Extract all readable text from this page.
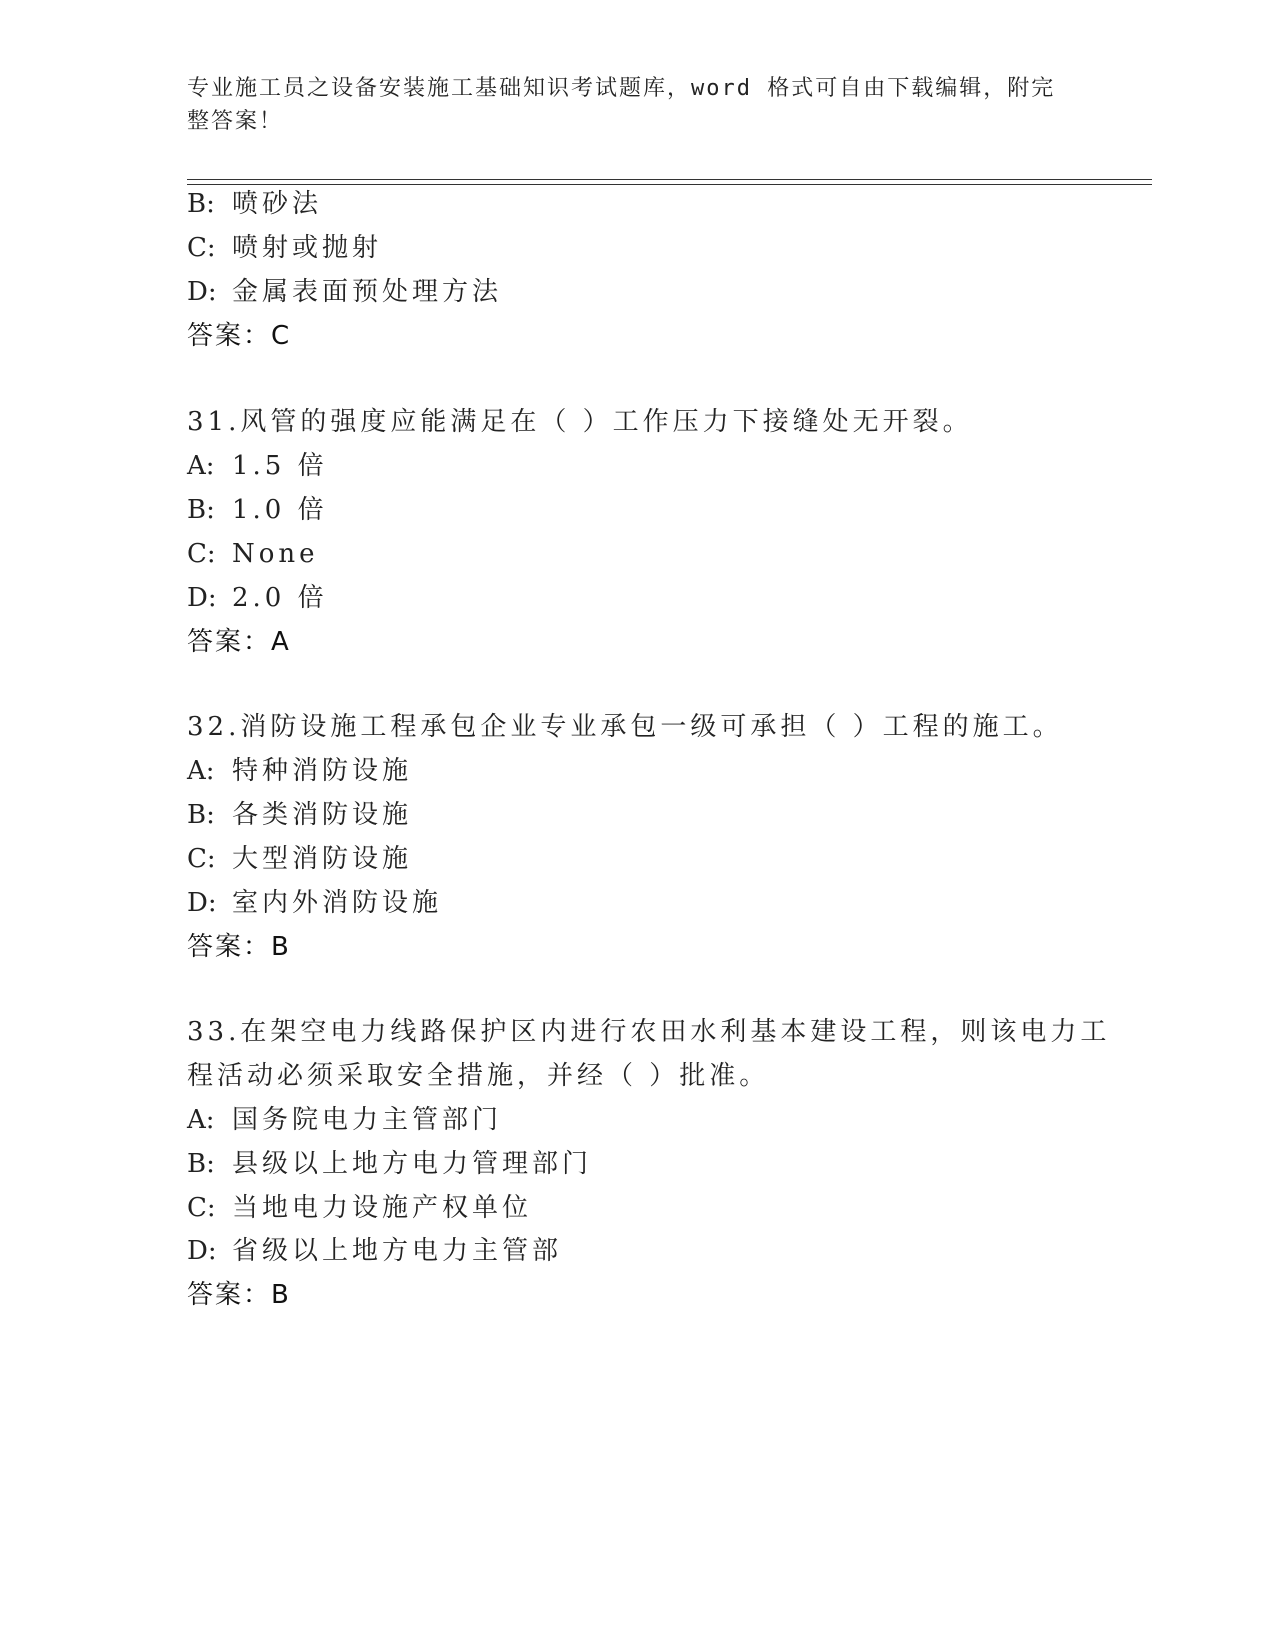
专业施工员之设备安装施工基础知识考试题库，word 格式可自由下载编辑，附完整答案！
B: 喷砂法
C: 喷射或抛射
D: 金属表面预处理方法
答案：C
31.风管的强度应能满足在（ ）工作压力下接缝处无开裂。
A: 1.5 倍
B: 1.0 倍
C: None
D: 2.0 倍
答案：A
32.消防设施工程承包企业专业承包一级可承担（ ）工程的施工。
A: 特种消防设施
B: 各类消防设施
C: 大型消防设施
D: 室内外消防设施
答案：B
33.在架空电力线路保护区内进行农田水利基本建设工程，则该电力工
程活动必须采取安全措施，并经（ ）批准。
A: 国务院电力主管部门
B: 县级以上地方电力管理部门
C: 当地电力设施产权单位
D: 省级以上地方电力主管部
答案：B
